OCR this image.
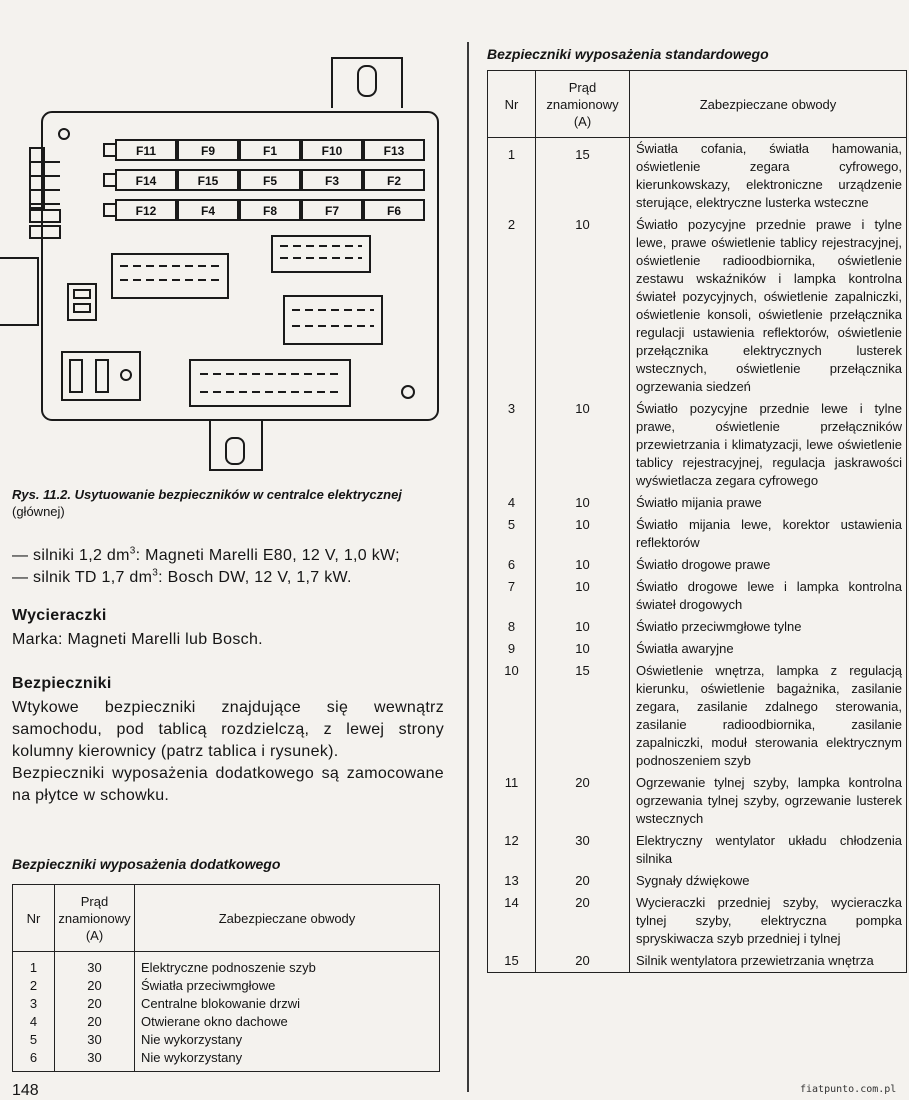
F11	F9	F1	F10	F13
F14	F15	F5	F3	F2
F12	F4	F8	F7	F6
Rys. 11.2. Usytuowanie bezpieczników w centralce elektrycznej (głównej)
— silniki 1,2 $dm^3$: Magneti Marelli E80, 12 V, 1,0 kW;
— silnik TD 1,7 $dm^3$: Bosch DW, 12 V, 1,7 kW.
Wycieraczki

Marka: Magneti Marelli lub Bosch.

Bezpieczniki

Wtykowe bezpieczniki znajdujące się wewnątrz samochodu, pod tablicą rozdzielczą, z lewej strony kolumny kierownicy (patrz tablica i rysunek).

Bezpieczniki wyposażenia dodatkowego są zamocowane na płytce w schowku.

Bezpieczniki wyposażenia dodatkowego
Nr	Prąd znamionowy (A)	Zabezpieczane obwody
1	30	Elektryczne podnoszenie szyb
2	20	Światła przeciwmgłowe
3	20	Centralne blokowanie drzwi
4	20	Otwierane okno dachowe
5	30	Nie wykorzystany
6	30	Nie wykorzystany
148
Bezpieczniki wyposażenia standardowego
Nr	Prąd znamionowy (A)	Zabezpieczane obwody
1	15	Światła cofania, światła hamowania, oświetlenie zegara cyfrowego, kierunkowskazy, elektroniczne urządzenie sterujące, elektryczne lusterka wsteczne
2	10	Światło pozycyjne przednie prawe i tylne lewe, prawe oświetlenie tablicy rejestracyjnej, oświetlenie radioodbiornika, oświetlenie zestawu wskaźników i lampka kontrolna świateł pozycyjnych, oświetlenie zapalniczki, oświetlenie konsoli, oświetlenie przełącznika regulacji ustawienia reflektorów, oświetlenie przełącznika elektrycznych lusterek wstecznych, oświetlenie przełącznika ogrzewania siedzeń
3	10	Światło pozycyjne przednie lewe i tylne prawe, oświetlenie przełączników przewietrzania i klimatyzacji, lewe oświetlenie tablicy rejestracyjnej, regulacja jaskrawości wyświetlacza zegara cyfrowego
4	10	Światło mijania prawe
5	10	Światło mijania lewe, korektor ustawienia reflektorów
6	10	Światło drogowe prawe
7	10	Światło drogowe lewe i lampka kontrolna świateł drogowych
8	10	Światło przeciwmgłowe tylne
9	10	Światła awaryjne
10	15	Oświetlenie wnętrza, lampka z regulacją kierunku, oświetlenie bagażnika, zasilanie zegara, zasilanie zdalnego sterowania, zasilanie radioodbiornika, zasilanie zapalniczki, moduł sterowania elektrycznym podnoszeniem szyb
11	20	Ogrzewanie tylnej szyby, lampka kontrolna ogrzewania tylnej szyby, ogrzewanie lusterek wstecznych
12	30	Elektryczny wentylator układu chłodzenia silnika
13	20	Sygnały dźwiękowe
14	20	Wycieraczki przedniej szyby, wycieraczka tylnej szyby, elektryczna pompka spryskiwacza szyb przedniej i tylnej
15	20	Silnik wentylatora przewietrzania wnętrza
fiatpunto.com.pl
